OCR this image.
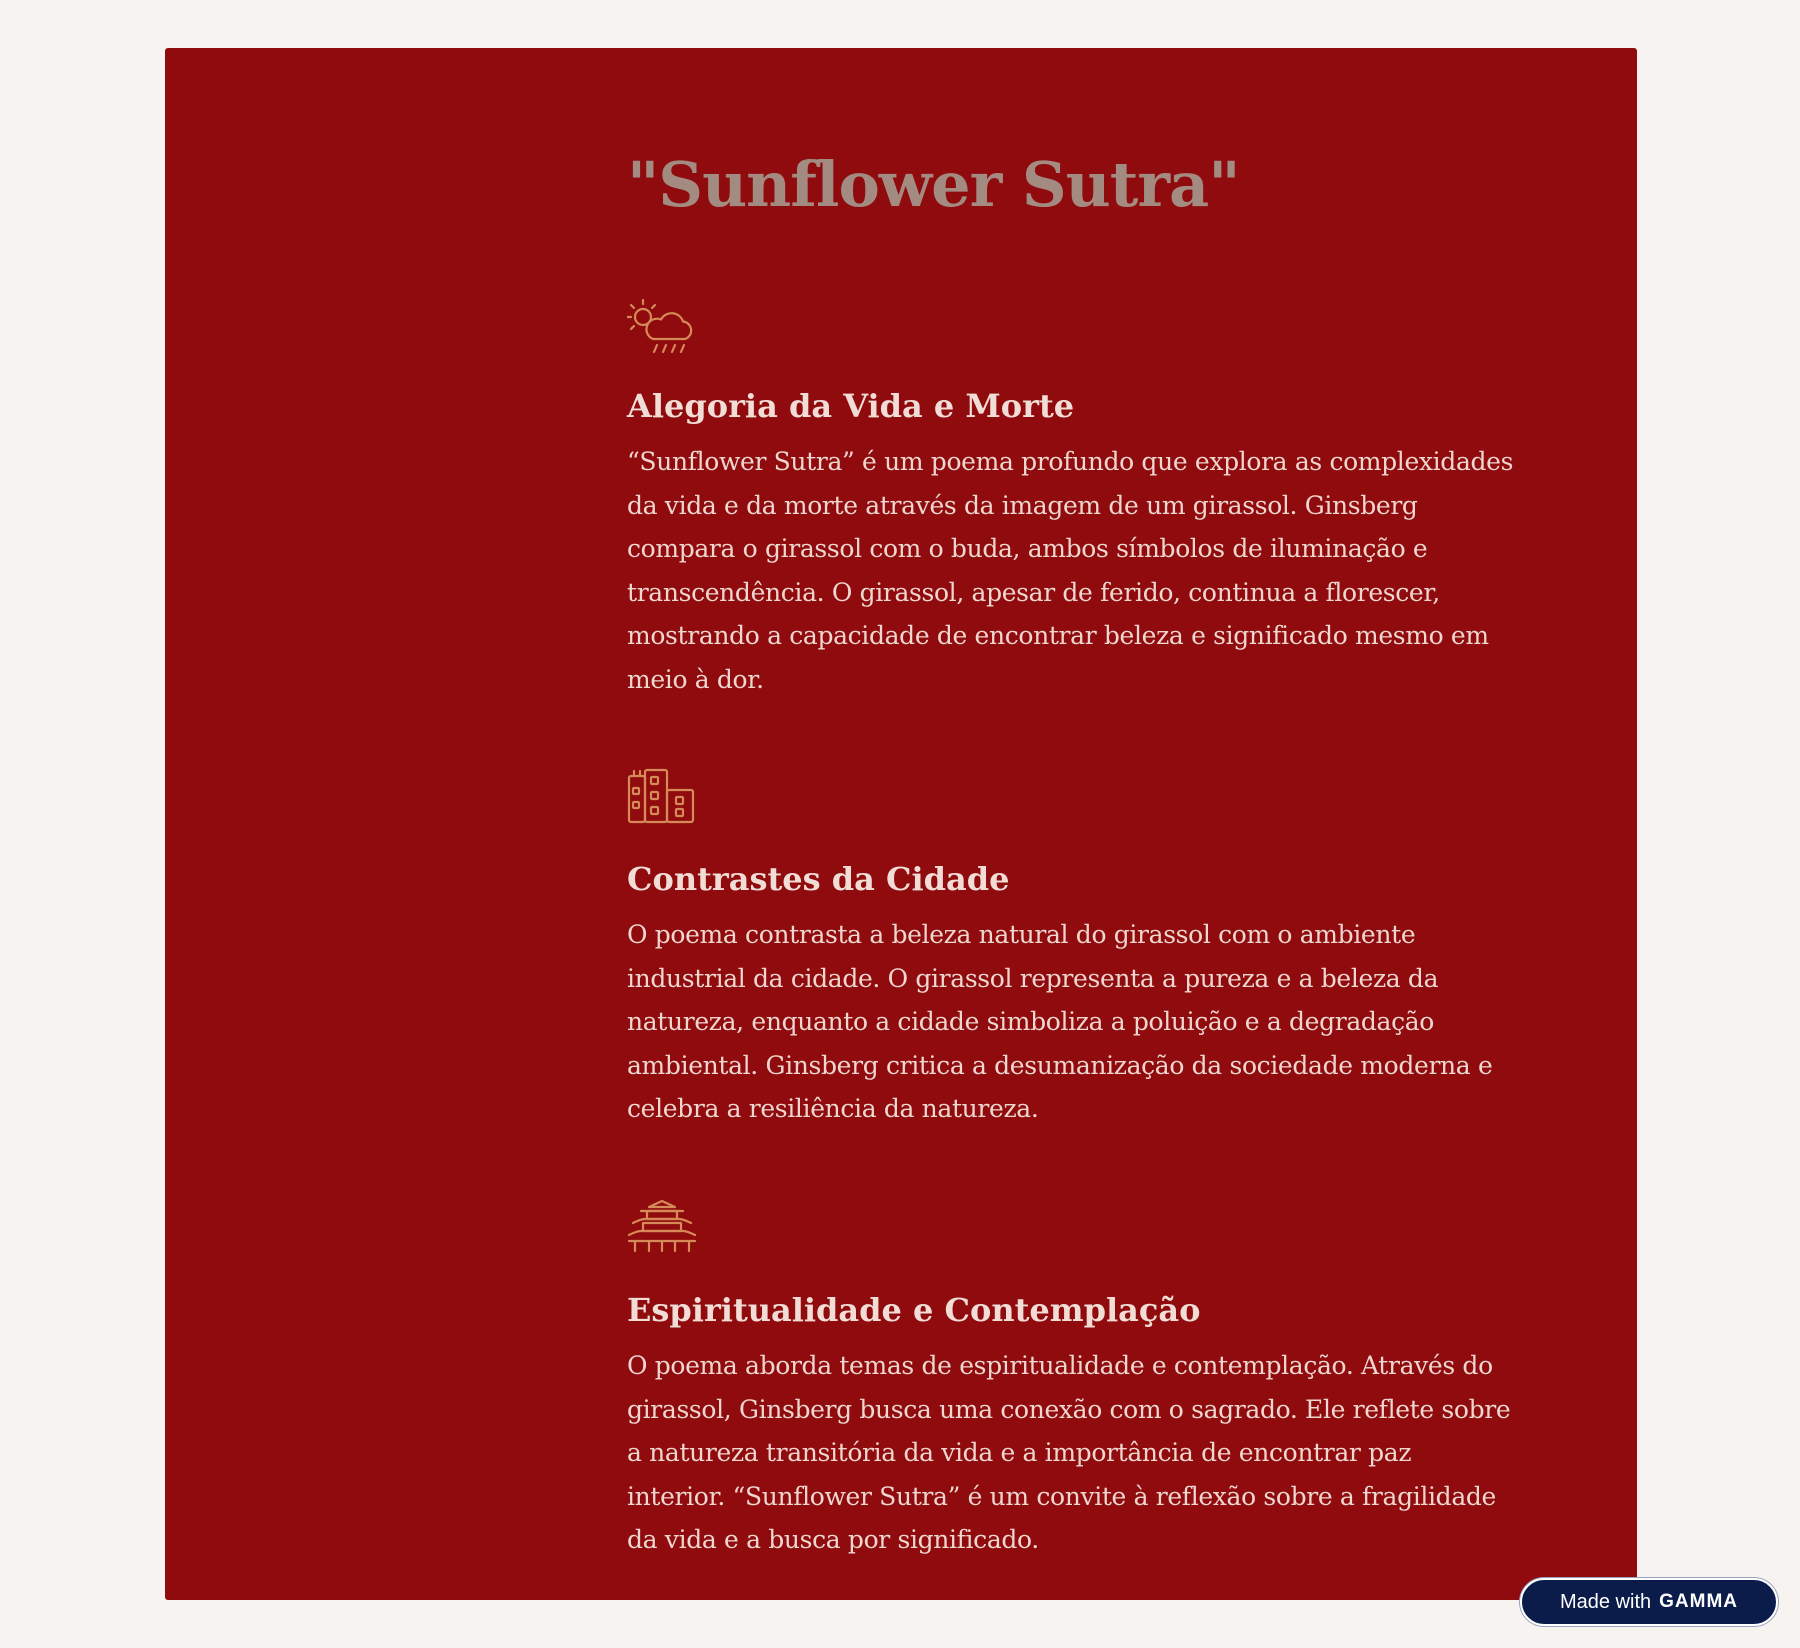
"Sunflower Sutra"
Alegoria da Vida e Morte

“Sunflower Sutra” é um poema profundo que explora as complexidades
da vida e da morte através da imagem de um girassol. Ginsberg
compara o girassol com o buda, ambos símbolos de iluminação e
transcendência. O girassol, apesar de ferido, continua a florescer,
mostrando a capacidade de encontrar beleza e significado mesmo em
meio à dor.

Contrastes da Cidade

O poema contrasta a beleza natural do girassol com o ambiente
industrial da cidade. O girassol representa a pureza e a beleza da
natureza, enquanto a cidade simboliza a poluição e a degradação
ambiental. Ginsberg critica a desumanização da sociedade moderna e
celebra a resiliência da natureza.

Espiritualidade e Contemplação

O poema aborda temas de espiritualidade e contemplação. Através do
girassol, Ginsberg busca uma conexão com o sagrado. Ele reflete sobre
a natureza transitória da vida e a importância de encontrar paz
interior. “Sunflower Sutra” é um convite à reflexão sobre a fragilidade
da vida e a busca por significado.

Made with GAMMA
